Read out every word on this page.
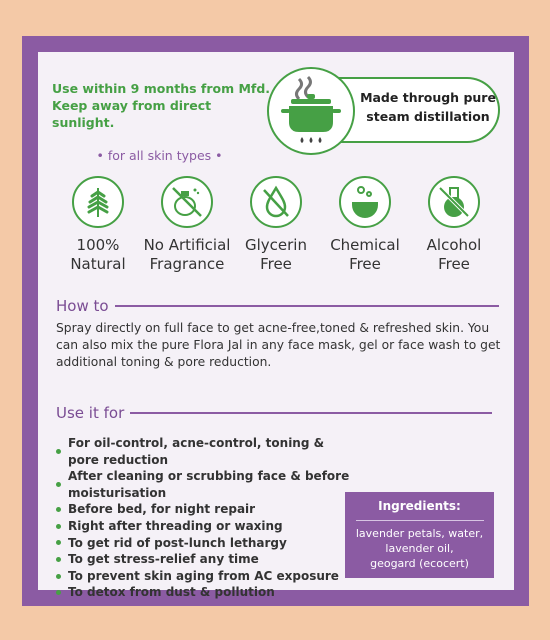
Use within 9 months from Mfd.
Keep away from direct sunlight.
• for all skin types •
Made through pure
steam distillation
100%
Natural
No Artificial
Fragrance
Glycerin
Free
Chemical
Free
Alcohol
Free
How to
Spray directly on full face to get acne-free,toned & refreshed skin. You can also mix the pure Flora Jal in any face mask, gel or face wash to get additional toning & pore reduction.
Use it for
For oil-control, acne-control, toning & pore reduction
After cleaning or scrubbing face & before moisturisation
Before bed, for night repair
Right after threading or waxing
To get rid of post-lunch lethargy
To get stress-relief any time
To prevent skin aging from AC exposure
To detox from dust & pollution
Ingredients:
lavender petals, water,
lavender oil,
geogard (ecocert)
